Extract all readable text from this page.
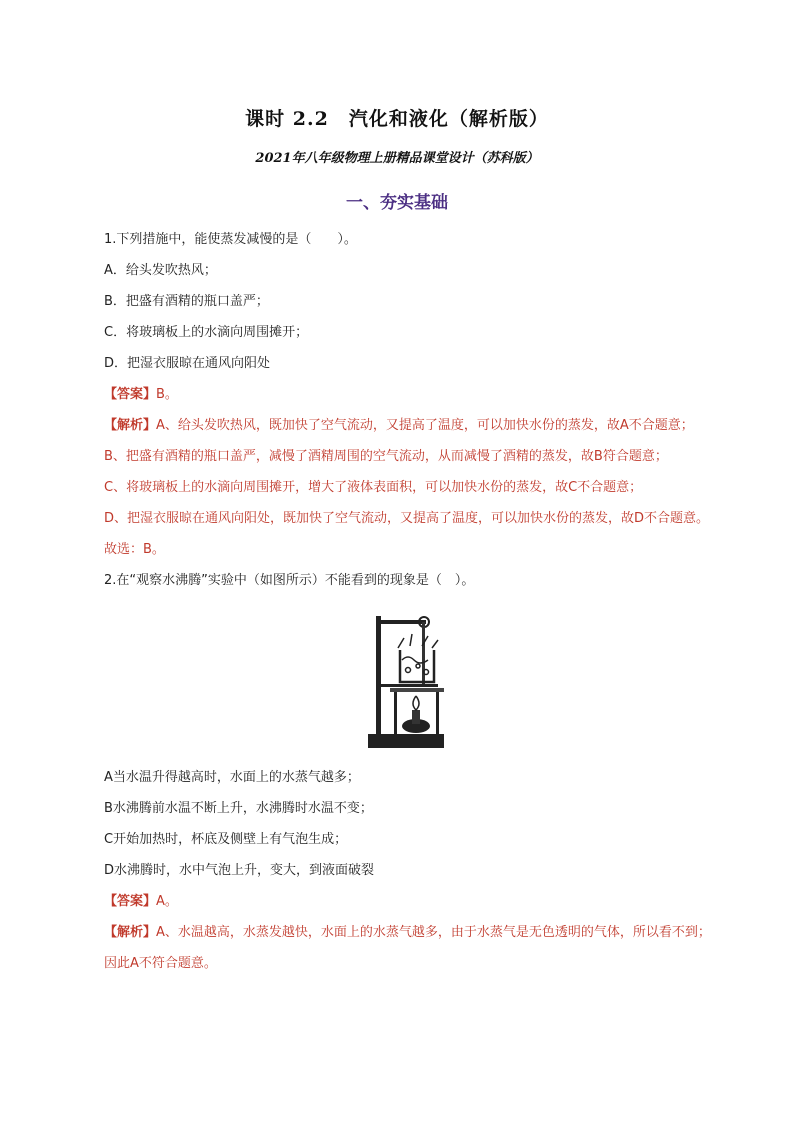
课时 2.2　汽化和液化（解析版）
2021年八年级物理上册精品课堂设计（苏科版）
一、夯实基础

1.下列措施中，能使蒸发减慢的是（　　）。

A．给头发吹热风；

B．把盛有酒精的瓶口盖严；

C．将玻璃板上的水滴向周围摊开；

D．把湿衣服晾在通风向阳处

【答案】B。

【解析】A、给头发吹热风，既加快了空气流动，又提高了温度，可以加快水份的蒸发，故A不合题意；

B、把盛有酒精的瓶口盖严，减慢了酒精周围的空气流动，从而减慢了酒精的蒸发，故B符合题意；

C、将玻璃板上的水滴向周围摊开，增大了液体表面积，可以加快水份的蒸发，故C不合题意；

D、把湿衣服晾在通风向阳处，既加快了空气流动，又提高了温度，可以加快水份的蒸发，故D不合题意。故选：B。

2.在“观察水沸腾”实验中（如图所示）不能看到的现象是（　）。

A当水温升得越高时，水面上的水蒸气越多；

B水沸腾前水温不断上升，水沸腾时水温不变；

C开始加热时，杯底及侧壁上有气泡生成；

D水沸腾时，水中气泡上升，变大，到液面破裂

【答案】A。

【解析】A、水温越高，水蒸发越快，水面上的水蒸气越多，由于水蒸气是无色透明的气体，所以看不到；因此A不符合题意。
